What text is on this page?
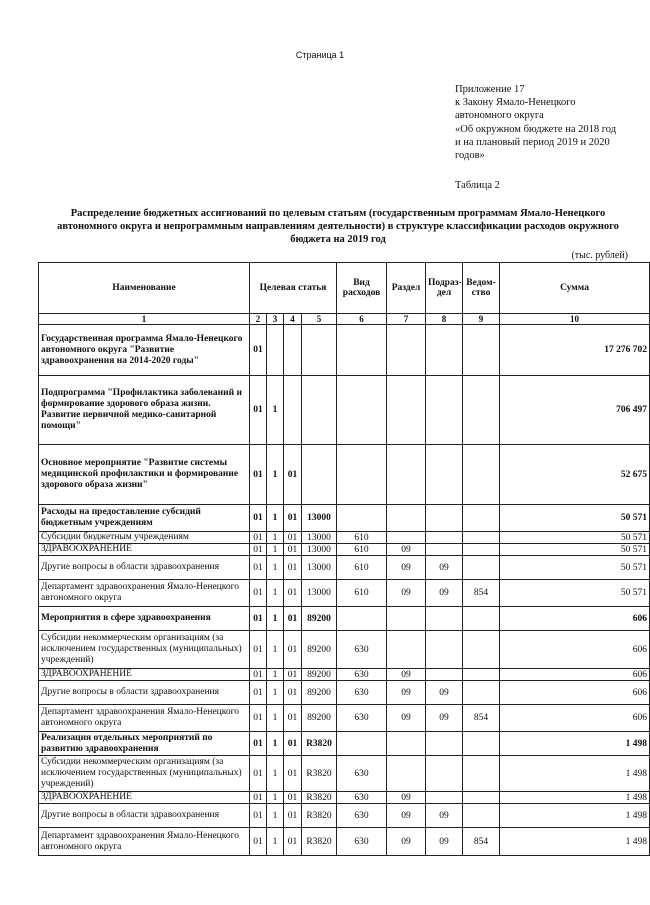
Страница 1
Приложение 17
к Закону Ямало-Ненецкого
автономного округа
«Об окружном бюджете на 2018 год
и на плановый период 2019 и 2020
годов»
Таблица 2
Распределение бюджетных ассигнований по целевым статьям (государственным программам Ямало-Ненецкого автономного округа и непрограммным направлениям деятельности) в структуре классификации расходов окружного бюджета на 2019 год
(тыс. рублей)
Наименование	Целевая статья				Вид расходов	Раздел	Подраз-дел	Ведом-ство	Сумма
1	2	3	4	5	6	7	8	9	10
Государственная программа Ямало-Ненецкого автономного округа "Развитие здравоохранения на 2014-2020 годы"	01								17 276 702
Подпрограмма "Профилактика заболеваний и формирование здорового образа жизни. Развитие первичной медико-санитарной помощи"	01	1							706 497
Основное мероприятие "Развитие системы медицинской профилактики и формирование здорового образа жизни"	01	1	01						52 675
Расходы на предоставление субсидий бюджетным учреждениям	01	1	01	13000					50 571
Субсидии бюджетным учреждениям	01	1	01	13000	610				50 571
ЗДРАВООХРАНЕНИЕ	01	1	01	13000	610	09			50 571
Другие вопросы в области здравоохранения	01	1	01	13000	610	09	09		50 571
Департамент здравоохранения Ямало-Ненецкого автономного округа	01	1	01	13000	610	09	09	854	50 571
Мероприятия в сфере здравоохранения	01	1	01	89200					606
Субсидии некоммерческим организациям (за исключением государственных (муниципальных) учреждений)	01	1	01	89200	630				606
ЗДРАВООХРАНЕНИЕ	01	1	01	89200	630	09			606
Другие вопросы в области здравоохранения	01	1	01	89200	630	09	09		606
Департамент здравоохранения Ямало-Ненецкого автономного округа	01	1	01	89200	630	09	09	854	606
Реализация отдельных мероприятий по развитию здравоохранения	01	1	01	R3820					1 498
Субсидии некоммерческим организациям (за исключением государственных (муниципальных) учреждений)	01	1	01	R3820	630				1 498
ЗДРАВООХРАНЕНИЕ	01	1	01	R3820	630	09			1 498
Другие вопросы в области здравоохранения	01	1	01	R3820	630	09	09		1 498
Департамент здравоохранения Ямало-Ненецкого автономного округа	01	1	01	R3820	630	09	09	854	1 498
